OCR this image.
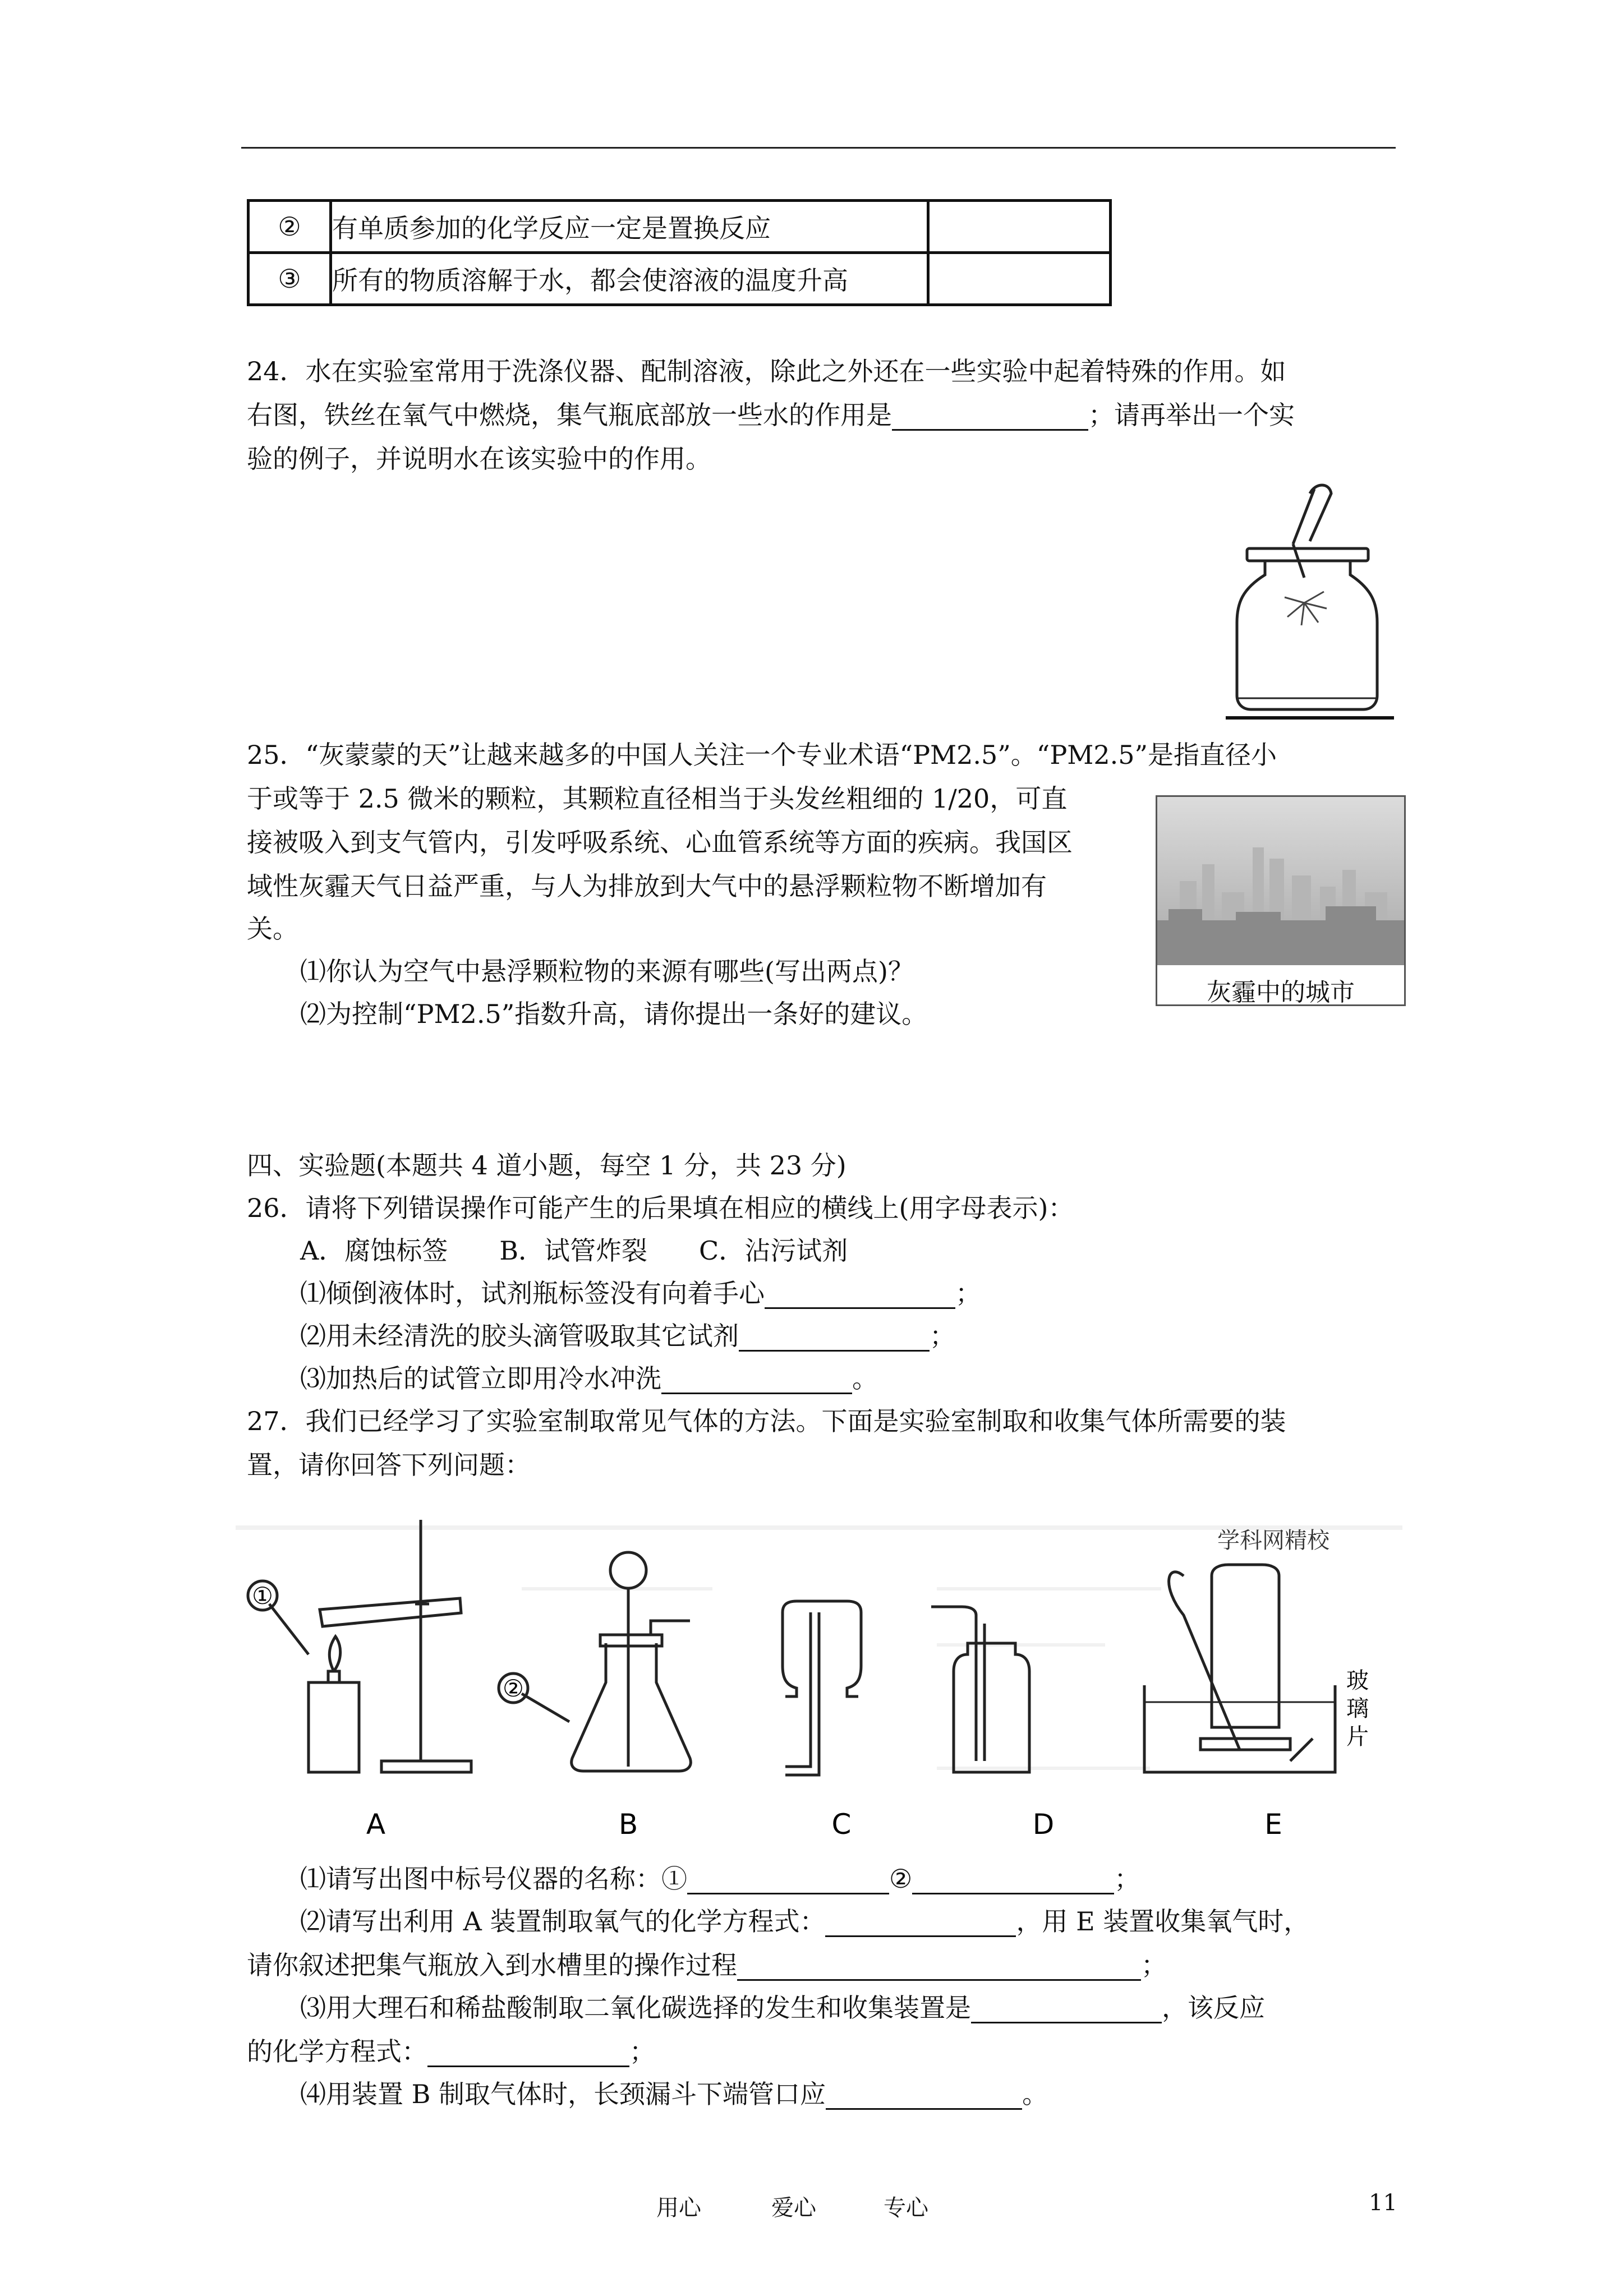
②	有单质参加的化学反应一定是置换反应	
③	所有的物质溶解于水，都会使溶液的温度升高	
24．水在实验室常用于洗涤仪器、配制溶液，除此之外还在一些实验中起着特殊的作用。如
右图，铁丝在氧气中燃烧，集气瓶底部放一些水的作用是	；请再举出一个实
验的例子，并说明水在该实验中的作用。
25．“灰蒙蒙的天”让越来越多的中国人关注一个专业术语“PM2.5”。“PM2.5”是指直径小
于或等于 2.5 微米的颗粒，其颗粒直径相当于头发丝粗细的 1/20，可直
接被吸入到支气管内，引发呼吸系统、心血管系统等方面的疾病。我国区
域性灰霾天气日益严重，与人为排放到大气中的悬浮颗粒物不断增加有
关。
⑴你认为空气中悬浮颗粒物的来源有哪些(写出两点)？
⑵为控制“PM2.5”指数升高，请你提出一条好的建议。
灰霾中的城市
四、实验题(本题共 4 道小题，每空 1 分，共 23 分)
26．请将下列错误操作可能产生的后果填在相应的横线上(用字母表示)：
A．腐蚀标签　　B．试管炸裂　　C．沾污试剂
⑴倾倒液体时，试剂瓶标签没有向着手心	；
⑵用未经清洗的胶头滴管吸取其它试剂	；
⑶加热后的试管立即用冷水冲洗	。
27．我们已经学习了实验室制取常见气体的方法。下面是实验室制取和收集气体所需要的装
置，请你回答下列问题：
①
②
学科网精校
玻
璃
片
A	B	C	D	E
⑴请写出图中标号仪器的名称：①	②	；
⑵请写出利用 A 装置制取氧气的化学方程式：	，用 E 装置收集氧气时，
请你叙述把集气瓶放入到水槽里的操作过程	；
⑶用大理石和稀盐酸制取二氧化碳选择的发生和收集装置是	，该反应
的化学方程式：	；
⑷用装置 B 制取气体时，长颈漏斗下端管口应	。
用心	爱心	专心	11
